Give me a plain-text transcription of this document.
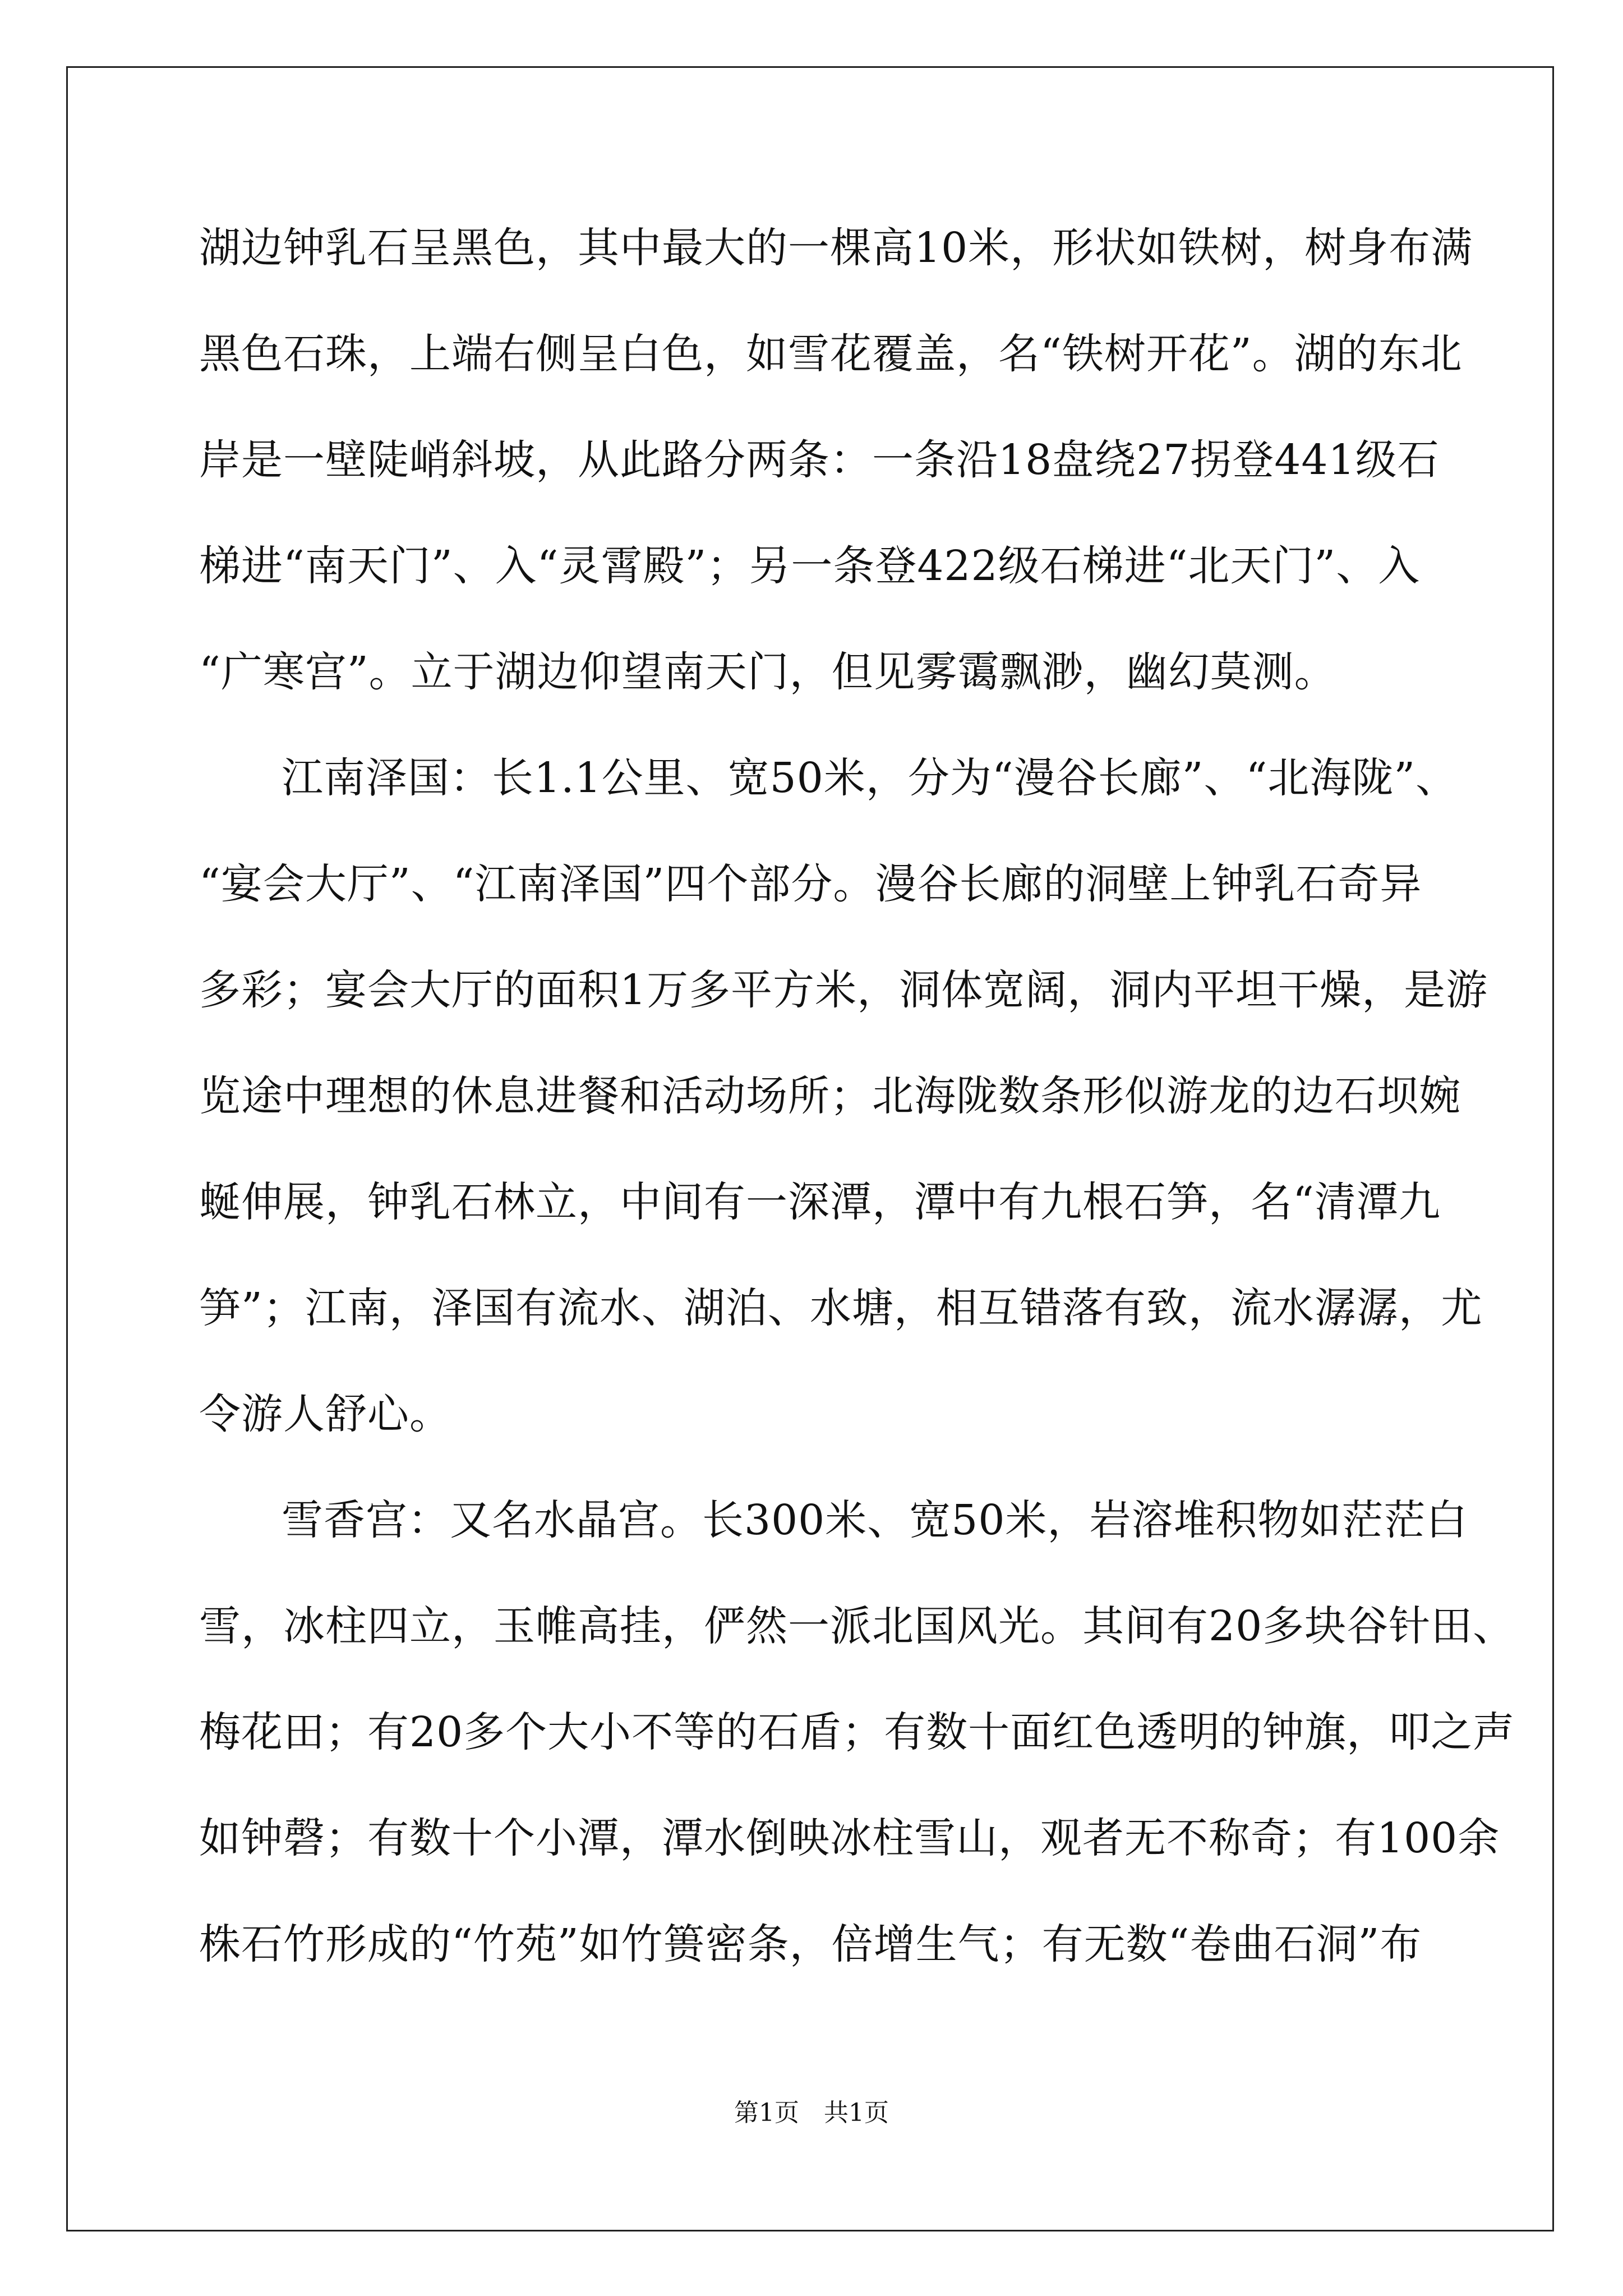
湖边钟乳石呈黑色，其中最大的一棵高10米，形状如铁树，树身布满
黑色石珠，上端右侧呈白色，如雪花覆盖，名“铁树开花”。湖的东北
岸是一壁陡峭斜坡，从此路分两条：一条沿18盘绕27拐登441级石
梯进“南天门”、入“灵霄殿”；另一条登422级石梯进“北天门”、入
“广寒宫”。立于湖边仰望南天门，但见雾霭飘渺，幽幻莫测。
江南泽国：长1.1公里、宽50米，分为“漫谷长廊”、“北海陇”、
“宴会大厅”、“江南泽国”四个部分。漫谷长廊的洞壁上钟乳石奇异
多彩；宴会大厅的面积1万多平方米，洞体宽阔，洞内平坦干燥，是游
览途中理想的休息进餐和活动场所；北海陇数条形似游龙的边石坝婉
蜒伸展，钟乳石林立，中间有一深潭，潭中有九根石笋，名“清潭九
笋”；江南，泽国有流水、湖泊、水塘，相互错落有致，流水潺潺，尤
令游人舒心。
雪香宫：又名水晶宫。长300米、宽50米，岩溶堆积物如茫茫白
雪，冰柱四立，玉帷高挂，俨然一派北国风光。其间有20多块谷针田、
梅花田；有20多个大小不等的石盾；有数十面红色透明的钟旗，叩之声
如钟磬；有数十个小潭，潭水倒映冰柱雪山，观者无不称奇；有100余
株石竹形成的“竹苑”如竹篑密条，倍增生气；有无数“卷曲石洞”布
第1页　共1页
